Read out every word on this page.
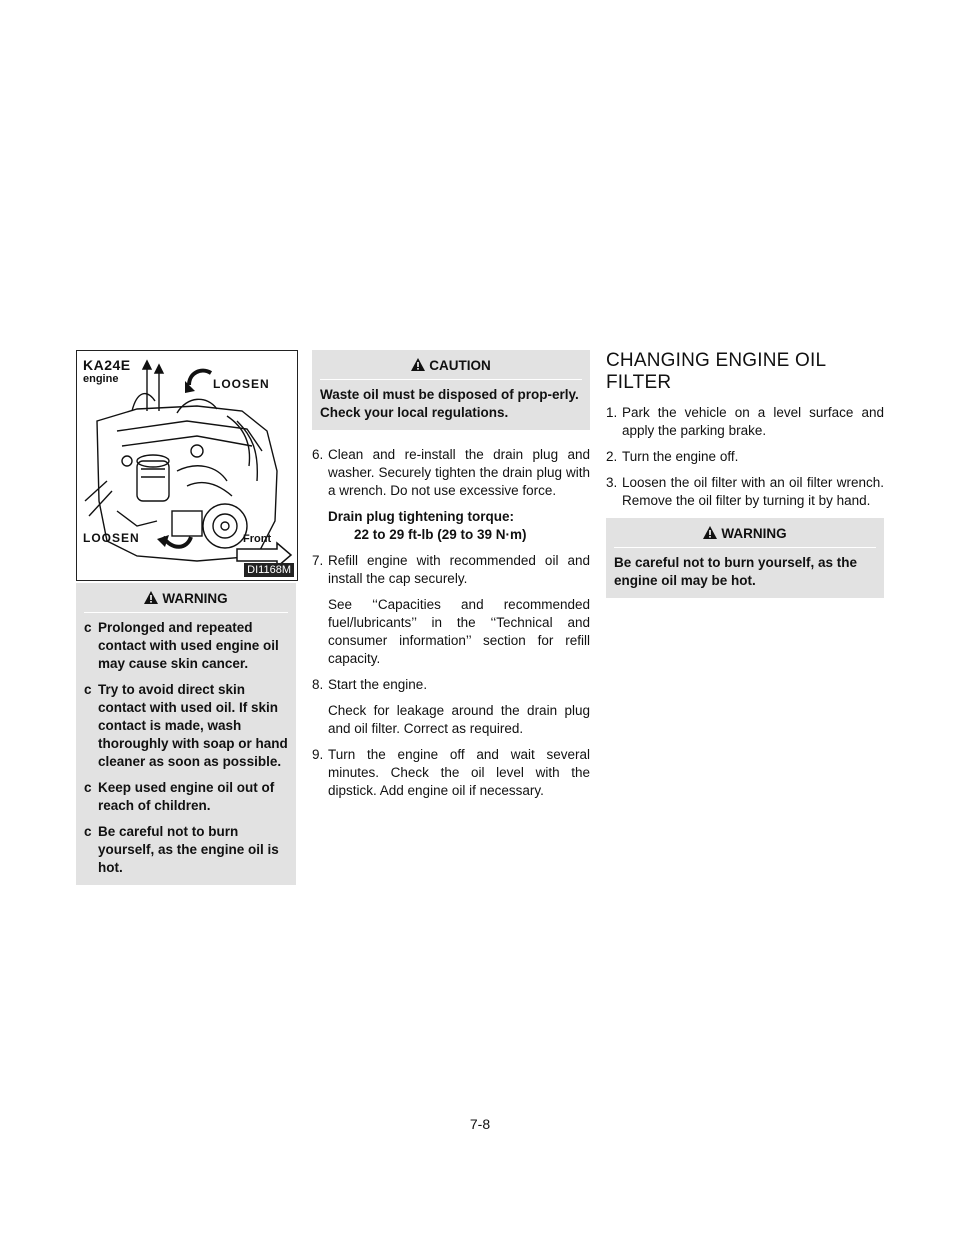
KA24E
engine	LOOSEN
LOOSEN	Front
DI1168M
WARNING
c Prolonged and repeated contact with used engine oil may cause skin cancer.
c Try to avoid direct skin contact with used oil. If skin contact is made, wash thoroughly with soap or hand cleaner as soon as possible.
c Keep used engine oil out of reach of children.
c Be careful not to burn yourself, as the engine oil is hot.
CAUTION
Waste oil must be disposed of prop-erly. Check your local regulations.
6. Clean and re-install the drain plug and washer. Securely tighten the drain plug with a wrench. Do not use excessive force.

Drain plug tightening torque:
22 to 29 ft-lb (29 to 39 N·m)
7. Refill engine with recommended oil and install the cap securely.

See ‘‘Capacities and recommended fuel/lubricants’’ in the ‘‘Technical and consumer information’’ section for refill capacity.

8. Start the engine.

Check for leakage around the drain plug and oil filter. Correct as required.

9. Turn the engine off and wait several minutes. Check the oil level with the dipstick. Add engine oil if necessary.

CHANGING ENGINE OIL FILTER
1. Park the vehicle on a level surface and apply the parking brake.

2. Turn the engine off.

3. Loosen the oil filter with an oil filter wrench. Remove the oil filter by turning it by hand.

WARNING
Be careful not to burn yourself, as the engine oil may be hot.
7-8
